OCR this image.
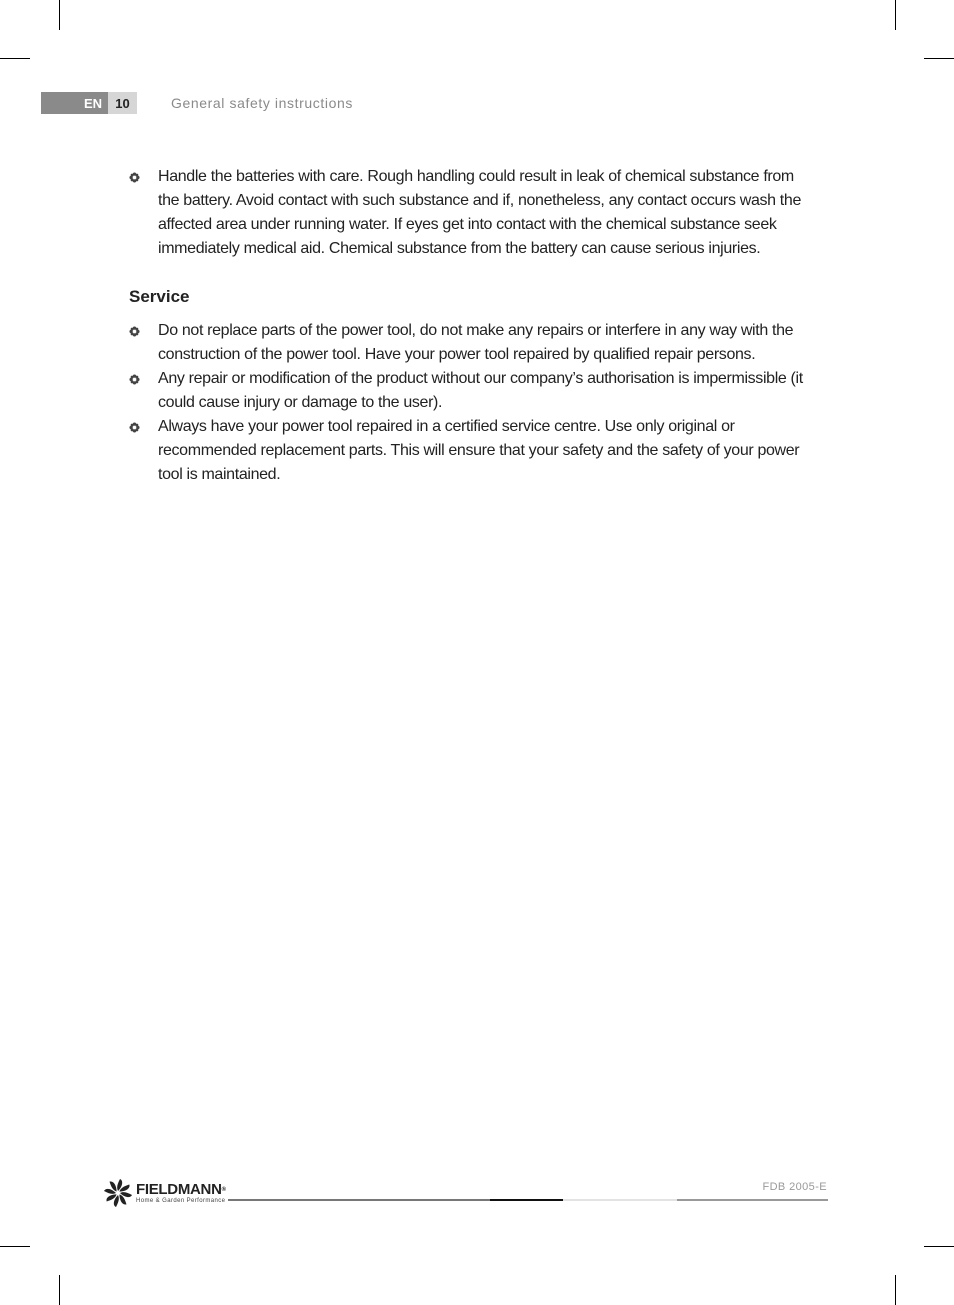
EN	10	General safety instructions
Handle the batteries with care. Rough handling could result in leak of chemical substance from the battery. Avoid contact with such substance and if, nonetheless, any contact occurs wash the affected area under running water. If eyes get into contact with the chemical substance seek immediately medical aid. Chemical substance from the battery can cause serious injuries.
Service
Do not replace parts of the power tool, do not make any repairs or interfere in any way with the construction of the power tool. Have your power tool repaired by qualified repair persons.
Any repair or modification of the product without our company’s authorisation is impermissible (it could cause injury or damage to the user).
Always have your power tool repaired in a certified service centre. Use only original or recommended replacement parts. This will ensure that your safety and the safety of your power tool is maintained.
FIELDMANN®
Home & Garden Performance
FDB 2005-E
